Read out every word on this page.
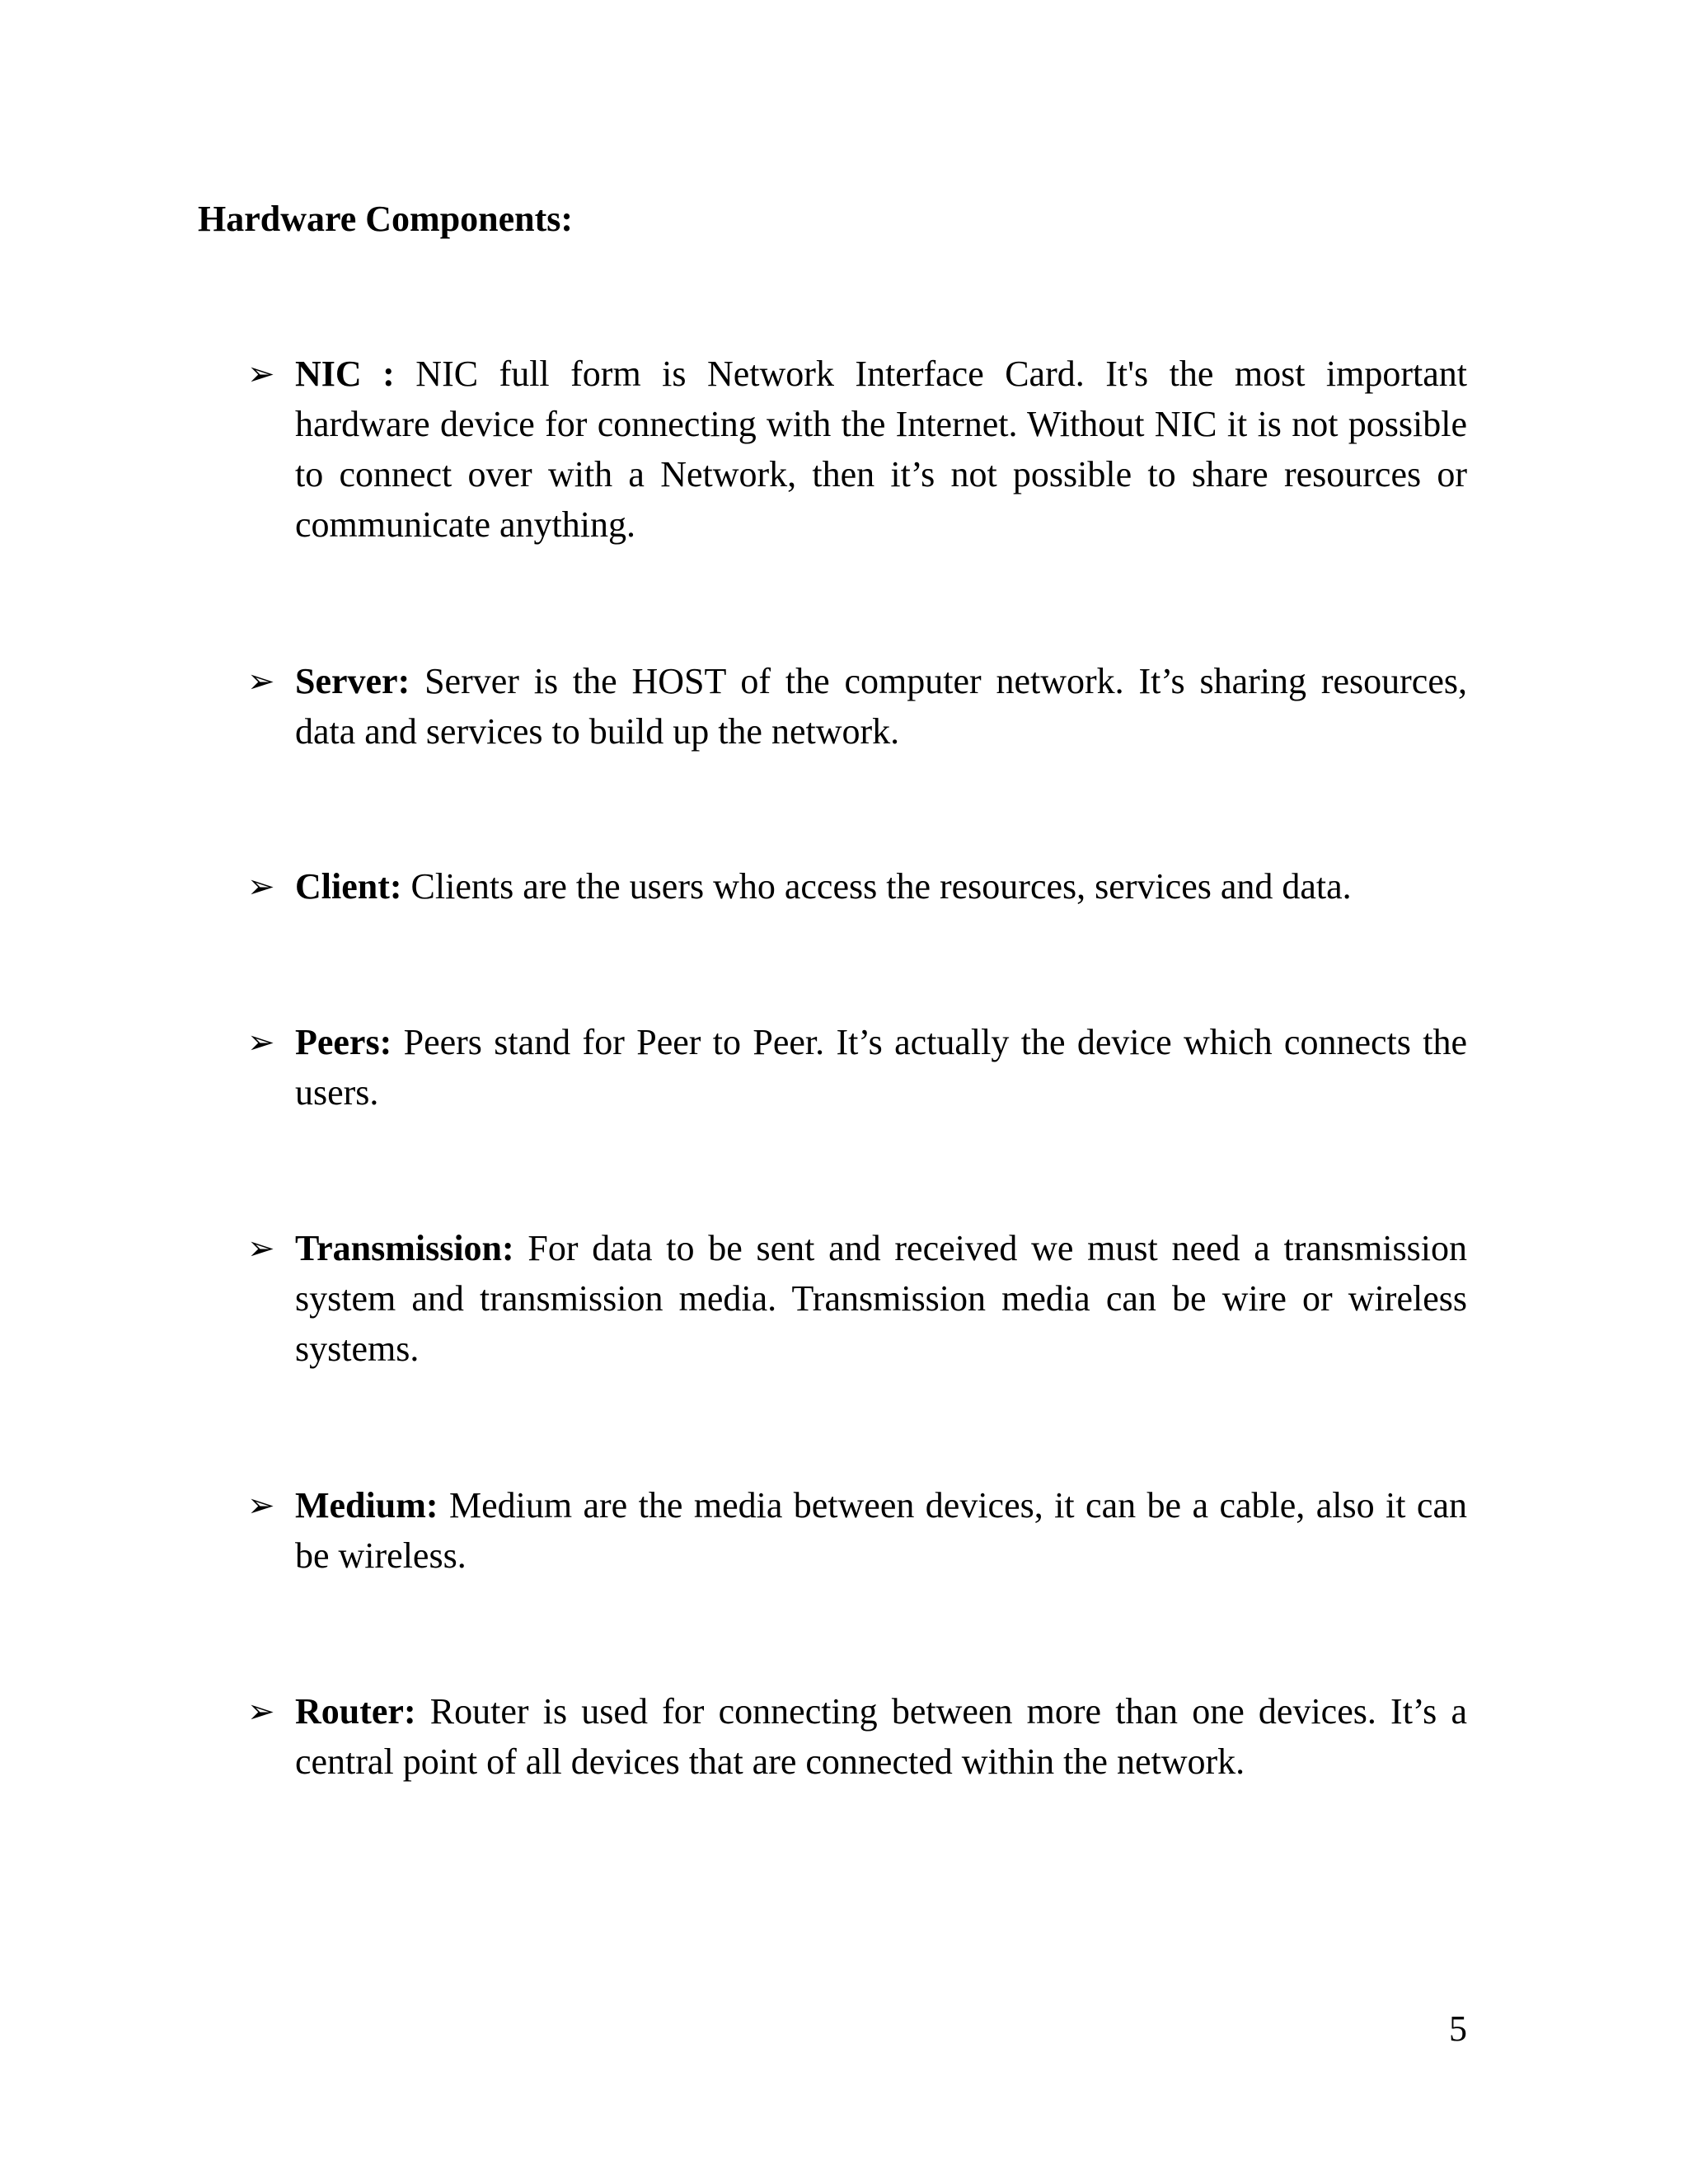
Hardware Components:
➢ NIC : NIC full form is Network Interface Card. It's the most important hardware device for connecting with the Internet. Without NIC it is not possible to connect over with a Network, then it’s not possible to share resources or communicate anything.
➢ Server: Server is the HOST of the computer network. It’s sharing resources, data and services to build up the network.
➢ Client: Clients are the users who access the resources, services and data.
➢ Peers: Peers stand for Peer to Peer. It’s actually the device which connects the users.
➢ Transmission: For data to be sent and received we must need a transmission system and transmission media. Transmission media can be wire or wireless systems.
➢ Medium: Medium are the media between devices, it can be a cable, also it can be wireless.
➢ Router: Router is used for connecting between more than one devices. It’s a central point of all devices that are connected within the network.
5
